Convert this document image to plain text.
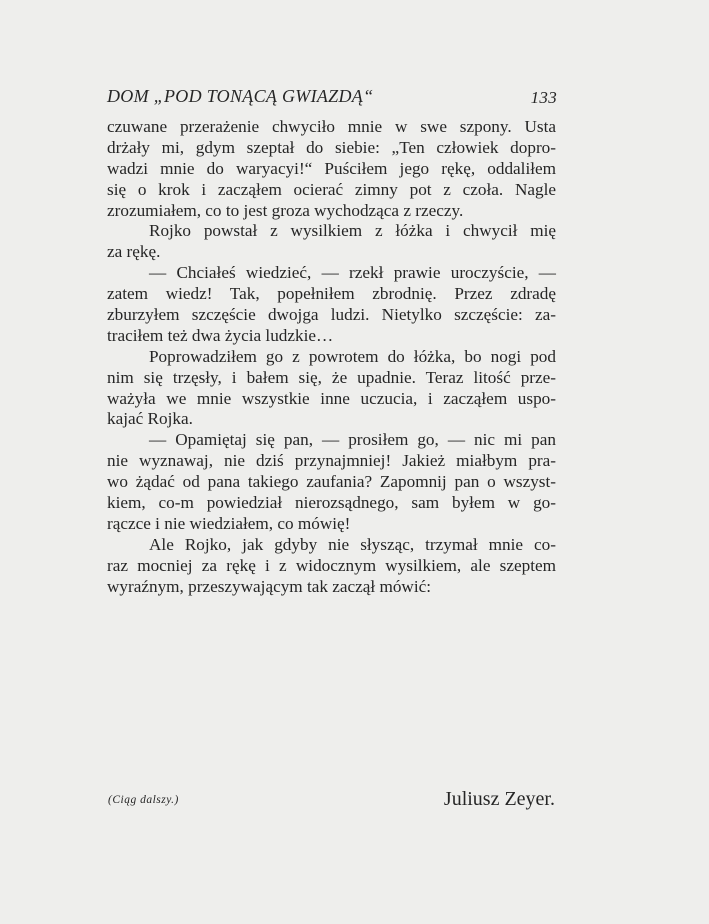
DOM „POD TONĄCĄ GWIAZDĄ“	133
czuwane przerażenie chwyciło mnie w swe szpony. Usta
drżały mi, gdym szeptał do siebie: „Ten człowiek dopro-
wadzi mnie do waryacyi!“ Puściłem jego rękę, oddaliłem
się o krok i zacząłem ocierać zimny pot z czoła. Nagle
zrozumiałem, co to jest groza wychodząca z rzeczy.
Rojko powstał z wysilkiem z łóżka i chwycił mię
za rękę.
— Chciałeś wiedzieć, — rzekł prawie uroczyście, —
zatem wiedz! Tak, popełniłem zbrodnię. Przez zdradę
zburzyłem szczęście dwojga ludzi. Nietylko szczęście: za-
traciłem też dwa życia ludzkie…
Poprowadziłem go z powrotem do łóżka, bo nogi pod
nim się trzęsły, i bałem się, że upadnie. Teraz litość prze-
ważyła we mnie wszystkie inne uczucia, i zacząłem uspo-
kajać Rojka.
— Opamiętaj się pan, — prosiłem go, — nic mi pan
nie wyznawaj, nie dziś przynajmniej! Jakież miałbym pra-
wo żądać od pana takiego zaufania? Zapomnij pan o wszyst-
kiem, co-m powiedział nierozsądnego, sam byłem w go-
rączce i nie wiedziałem, co mówię!
Ale Rojko, jak gdyby nie słysząc, trzymał mnie co-
raz mocniej za rękę i z widocznym wysilkiem, ale szeptem
wyraźnym, przeszywającym tak zaczął mówić:
(Ciąg dalszy.)	Juliusz Zeyer.
